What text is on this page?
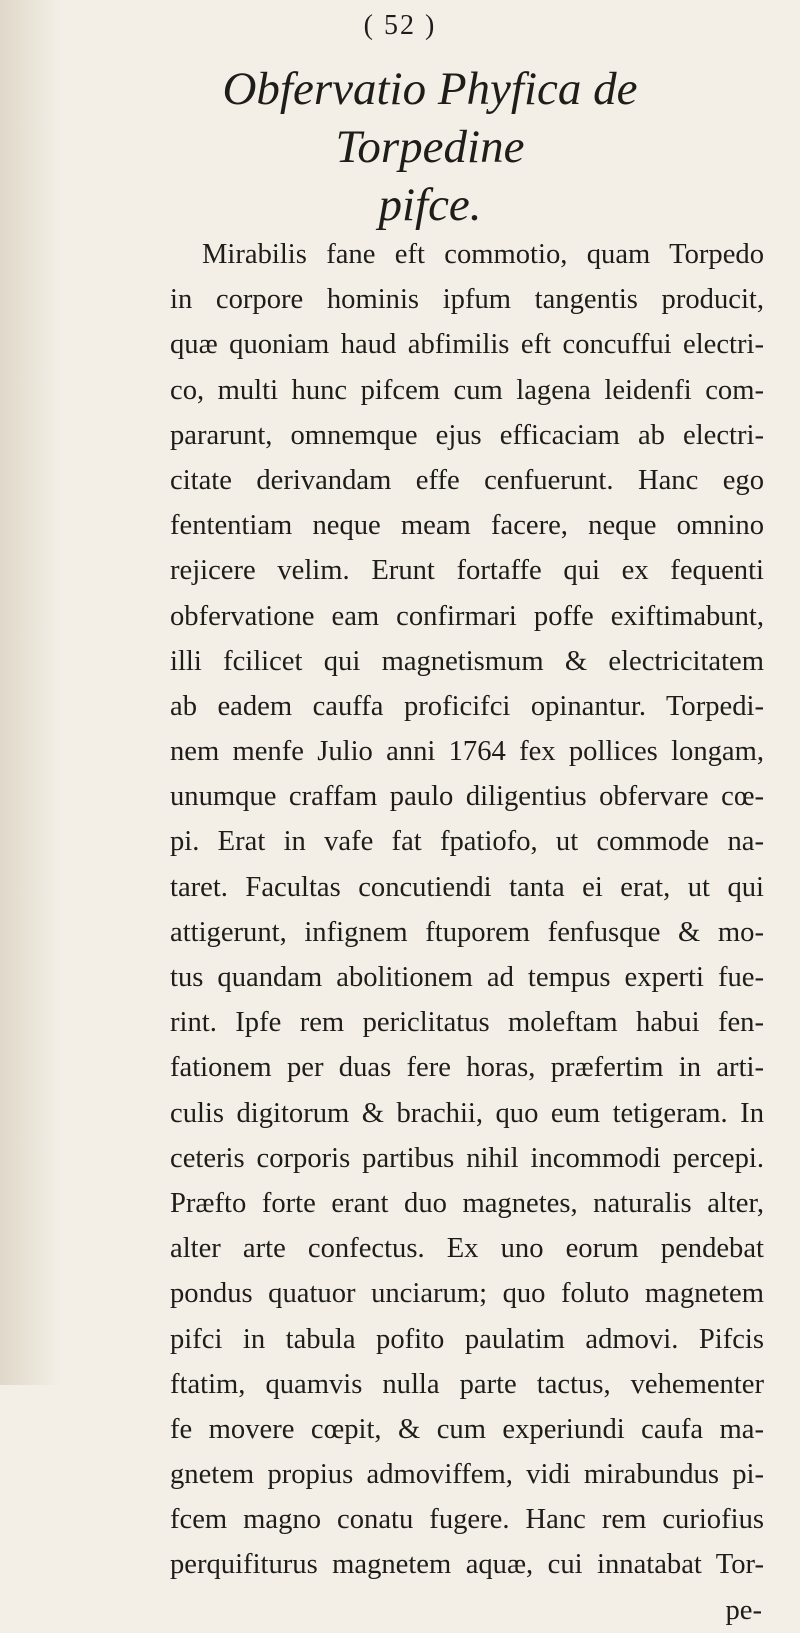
( 52 )
Obfervatio Phyfica de Torpedine
pifce.
Mirabilis fane eft commotio, quam Torpedo
in corpore hominis ipfum tangentis producit,
quæ quoniam haud abfimilis eft concuffui electri-
co, multi hunc pifcem cum lagena leidenfi com-
pararunt, omnemque ejus efficaciam ab electri-
citate derivandam effe cenfuerunt. Hanc ego
fententiam neque meam facere, neque omnino
rejicere velim. Erunt fortaffe qui ex fequenti
obfervatione eam confirmari poffe exiftimabunt,
illi fcilicet qui magnetismum & electricitatem
ab eadem cauffa proficifci opinantur. Torpedi-
nem menfe Julio anni 1764 fex pollices longam,
unumque craffam paulo diligentius obfervare cœ-
pi. Erat in vafe fat fpatiofo, ut commode na-
taret. Facultas concutiendi tanta ei erat, ut qui
attigerunt, infignem ftuporem fenfusque & mo-
tus quandam abolitionem ad tempus experti fue-
rint. Ipfe rem periclitatus moleftam habui fen-
fationem per duas fere horas, præfertim in arti-
culis digitorum & brachii, quo eum tetigeram. In
ceteris corporis partibus nihil incommodi percepi.
Præfto forte erant duo magnetes, naturalis alter,
alter arte confectus. Ex uno eorum pendebat
pondus quatuor unciarum; quo foluto magnetem
pifci in tabula pofito paulatim admovi. Pifcis
ftatim, quamvis nulla parte tactus, vehementer
fe movere cœpit, & cum experiundi caufa ma-
gnetem propius admoviffem, vidi mirabundus pi-
fcem magno conatu fugere. Hanc rem curiofius
perquifiturus magnetem aquæ, cui innatabat Tor-
pe-
